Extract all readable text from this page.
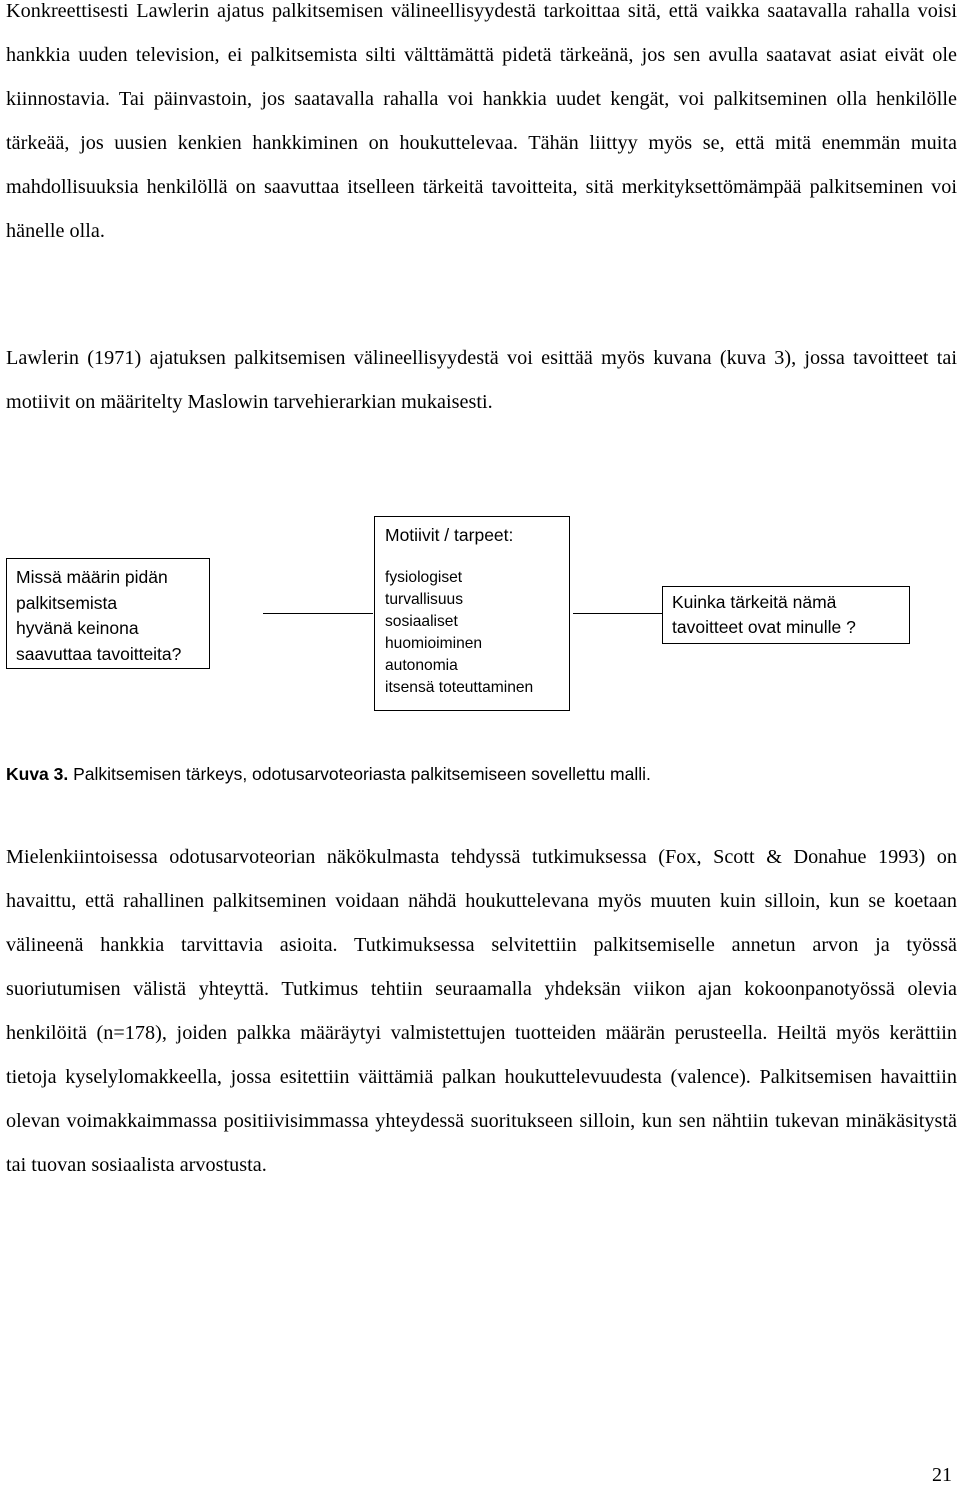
Konkreettisesti Lawlerin ajatus palkitsemisen välineellisyydestä tarkoittaa sitä, että vaikka saatavalla rahalla voisi hankkia uuden television, ei palkitsemista silti välttämättä pidetä tärkeänä, jos sen avulla saatavat asiat eivät ole kiinnostavia. Tai päinvastoin, jos saatavalla rahalla voi hankkia uudet kengät, voi palkitseminen olla henkilölle tärkeää, jos uusien kenkien hankkiminen on houkuttelevaa. Tähän liittyy myös se, että mitä enemmän muita mahdollisuuksia henkilöllä on saavuttaa itselleen tärkeitä tavoitteita, sitä merkityksettömämpää palkitseminen voi hänelle olla.

Lawlerin (1971) ajatuksen palkitsemisen välineellisyydestä voi esittää myös kuvana (kuva 3), jossa tavoitteet tai motiivit on määritelty Maslowin tarvehierarkian mukaisesti.

Missä määrin pidän
palkitsemista
hyvänä keinona
saavuttaa tavoitteita?
Motiivit / tarpeet:
fysiologiset
turvallisuus
sosiaaliset
huomioiminen
autonomia
itsensä toteuttaminen
Kuinka tärkeitä nämä
tavoitteet ovat minulle ?
Kuva 3. Palkitsemisen tärkeys, odotusarvoteoriasta palkitsemiseen sovellettu malli.

Mielenkiintoisessa odotusarvoteorian näkökulmasta tehdyssä tutkimuksessa (Fox, Scott & Donahue 1993) on havaittu, että rahallinen palkitseminen voidaan nähdä houkuttelevana myös muuten kuin silloin, kun se koetaan välineenä hankkia tarvittavia asioita. Tutkimuksessa selvitettiin palkitsemiselle annetun arvon ja työssä suoriutumisen välistä yhteyttä. Tutkimus tehtiin seuraamalla yhdeksän viikon ajan kokoonpanotyössä olevia henkilöitä (n=178), joiden palkka määräytyi valmistettujen tuotteiden määrän perusteella. Heiltä myös kerättiin tietoja kyselylomakkeella, jossa esitettiin väittämiä palkan houkuttelevuudesta (valence). Palkitsemisen havaittiin olevan voimakkaimmassa positiivisimmassa yhteydessä suoritukseen silloin, kun sen nähtiin tukevan minäkäsitystä tai tuovan sosiaalista arvostusta.

21
